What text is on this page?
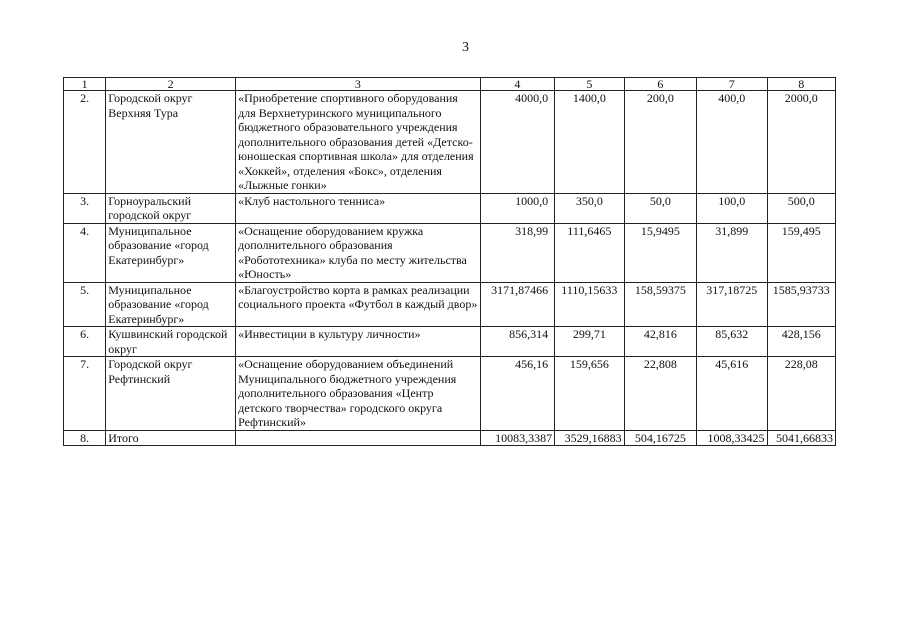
3
1	2	3	4	5	6	7	8
2.	Городской округ Верхняя Тура	«Приобретение спортивного оборудования для Верхнетуринского муниципального бюджетного образовательного учреждения дополнительного образования детей «Детско-юношеская спортивная школа» для отделения «Хоккей», отделения «Бокс», отделения «Лыжные гонки»	4000,0	1400,0	200,0	400,0	2000,0
3.	Горноуральский городской округ	«Клуб настольного тенниса»	1000,0	350,0	50,0	100,0	500,0
4.	Муниципальное образование «город Екатеринбург»	«Оснащение оборудованием кружка дополнительного образования «Робототехника» клуба по месту жительства «Юность»	318,99	111,6465	15,9495	31,899	159,495
5.	Муниципальное образование «город Екатеринбург»	«Благоустройство корта в рамках реализации социального проекта «Футбол в каждый двор»	3171,87466	1110,15633	158,59375	317,18725	1585,93733
6.	Кушвинский городской округ	«Инвестиции в культуру личности»	856,314	299,71	42,816	85,632	428,156
7.	Городской округ Рефтинский	«Оснащение оборудованием объединений Муниципального бюджетного учреждения дополнительного образования «Центр детского творчества» городского округа Рефтинский»	456,16	159,656	22,808	45,616	228,08
8.	Итого		10083,3387	3529,16883	504,16725	1008,33425	5041,66833
